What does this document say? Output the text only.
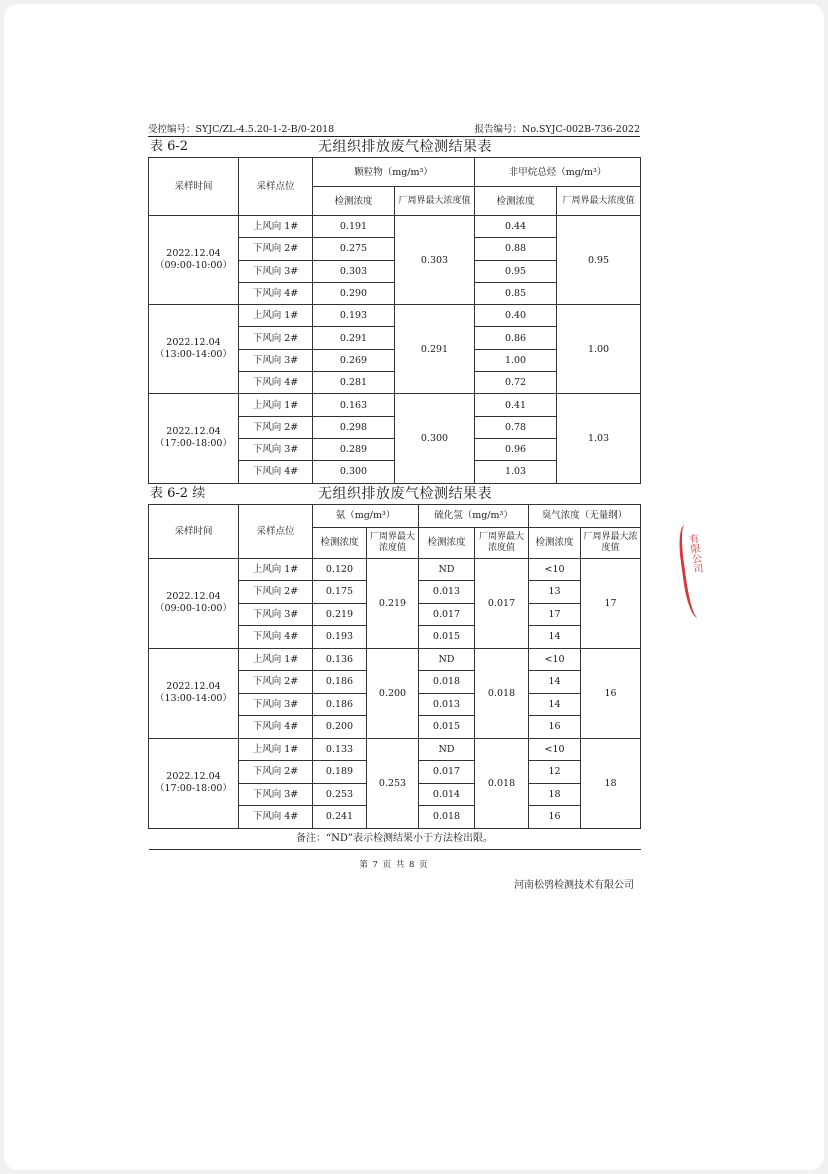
受控编号：SYJC/ZL-4.5.20-1-2-B/0-2018	报告编号：No.SYJC-002B-736-2022
表 6-2	无组织排放废气检测结果表
采样时间	采样点位	颗粒物（mg/m³）		非甲烷总烃（mg/m³）	
		检测浓度	厂周界最大浓度值	检测浓度	厂周界最大浓度值

2022.12.04
（09:00-10:00）	上风向 1#	0.191	0.303	0.44	0.95
	下风向 2#	0.275		0.88	
	下风向 3#	0.303		0.95	
	下风向 4#	0.290		0.85	

2022.12.04
（13:00-14:00）	上风向 1#	0.193	0.291	0.40	1.00
	下风向 2#	0.291		0.86	
	下风向 3#	0.269		1.00	
	下风向 4#	0.281		0.72	

2022.12.04
（17:00-18:00）	上风向 1#	0.163	0.300	0.41	1.03
	下风向 2#	0.298		0.78	
	下风向 3#	0.289		0.96	
	下风向 4#	0.300		1.03	
表 6-2 续	无组织排放废气检测结果表
采样时间	采样点位	氨（mg/m³）		硫化氢（mg/m³）		臭气浓度（无量纲）	
		检测浓度	厂周界最大浓度值	检测浓度	厂周界最大浓度值	检测浓度	厂周界最大浓度值

2022.12.04
（09:00-10:00）	上风向 1#	0.120	0.219	ND	0.017	<10	17
	下风向 2#	0.175		0.013		13	
	下风向 3#	0.219		0.017		17	
	下风向 4#	0.193		0.015		14	

2022.12.04
（13:00-14:00）	上风向 1#	0.136	0.200	ND	0.018	<10	16
	下风向 2#	0.186		0.018		14	
	下风向 3#	0.186		0.013		14	
	下风向 4#	0.200		0.015		16	

2022.12.04
（17:00-18:00）	上风向 1#	0.133	0.253	ND	0.018	<10	18
	下风向 2#	0.189		0.017		12	
	下风向 3#	0.253		0.014		18	
	下风向 4#	0.241		0.018		16	
备注：“ND”表示检测结果小于方法检出限。							
第 7 页 共 8 页
河南松鸮检测技术有限公司
有限公司
